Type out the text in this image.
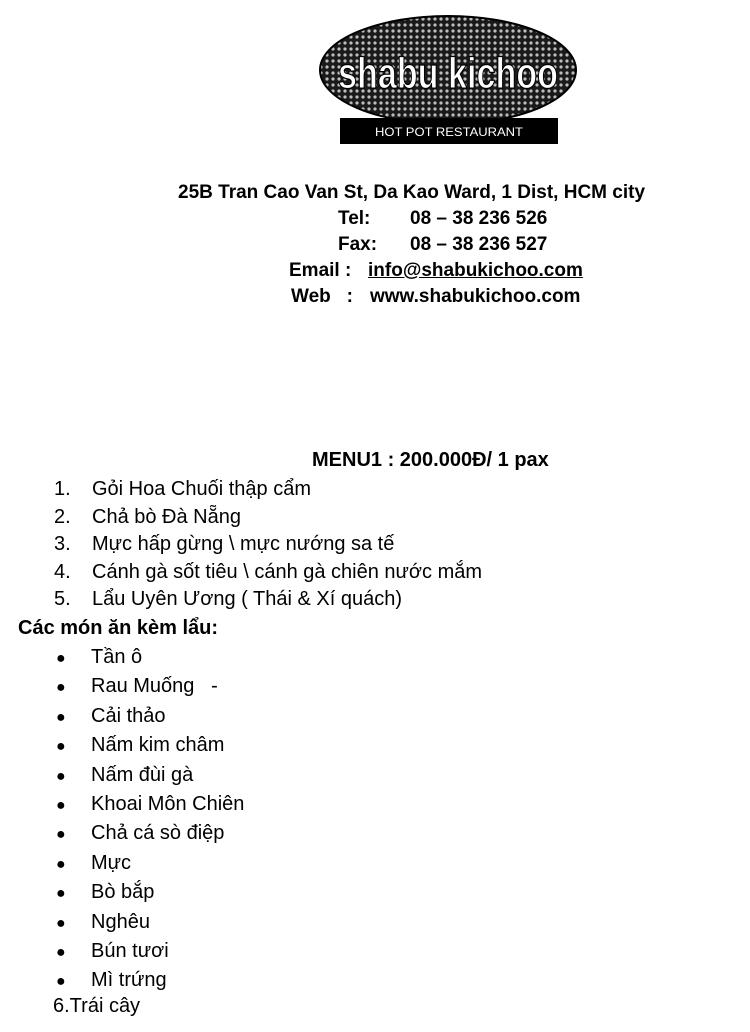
shabu kichoo
HOT POT RESTAURANT
25B Tran Cao Van St, Da Kao Ward, 1 Dist, HCM city
Tel: 08 – 38 236 526
Fax: 08 – 38 236 527
Email : info@shabukichoo.com
Web   : www.shabukichoo.com
MENU1 : 200.000Đ/ 1 pax
1. Gỏi Hoa Chuối thập cẩm
2. Chả bò Đà Nẵng
3. Mực hấp gừng \ mực nướng sa tế
4. Cánh gà sốt tiêu \ cánh gà chiên nước mắm
5. Lẩu Uyên Ương ( Thái & Xí quách)
Các món ăn kèm lẩu:
● Tần ô
● Rau Muống   -
● Cải thảo
● Nấm kim châm
● Nấm đùi gà
● Khoai Môn Chiên
● Chả cá sò điệp
● Mực
● Bò bắp
● Nghêu
● Bún tươi
● Mì trứng
6.Trái cây
